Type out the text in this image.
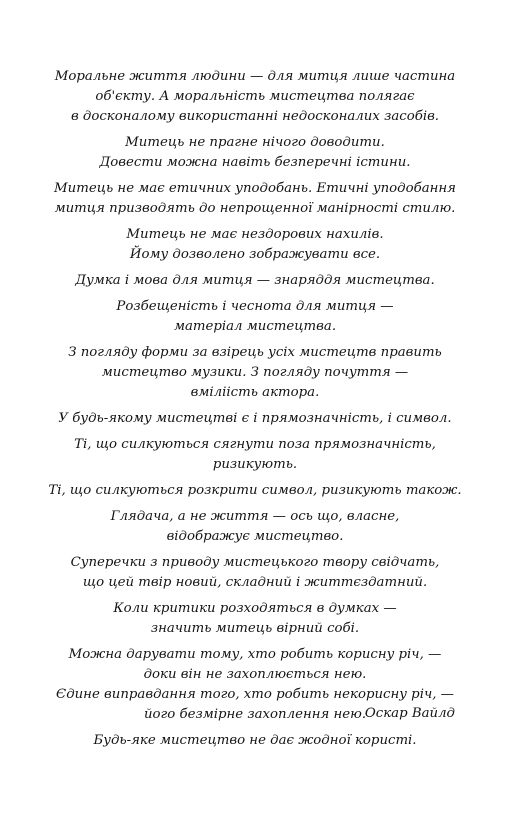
Моральне життя людини — для митця лише частина
об'єкту. А моральність мистецтва полягає
в досконалому використанні недосконалих засобів.
Митець не прагне нічого доводити.
Довести можна навіть безперечні істини.
Митець не має етичних уподобань. Етичні уподобання
митця призводять до непрощенної манірності стилю.
Митець не має нездорових нахилів.
Йому дозволено зображувати все.
Думка і мова для митця — знаряддя мистецтва.
Розбещеність і чеснота для митця —
матеріал мистецтва.
З погляду форми за взірець усіх мистецтв править
мистецтво музики. З погляду почуття —
вміліість актора.
У будь-якому мистецтві є і прямозначність, і символ.
Ті, що силкуються сягнути поза прямозначність,
ризикують.
Ті, що силкуються розкрити символ, ризикують також.
Глядача, а не життя — ось що, власне,
відображує мистецтво.
Суперечки з приводу мистецького твору свідчать,
що цей твір новий, складний і життєздатний.
Коли критики розходяться в думках —
значить митець вірний собі.
Можна дарувати тому, хто робить корисну річ, —
доки він не захоплюється нею.
Єдине виправдання того, хто робить некорисну річ, —
його безмірне захоплення нею.
Будь-яке мистецтво не дає жодної користі.
Оскар Вайлд
